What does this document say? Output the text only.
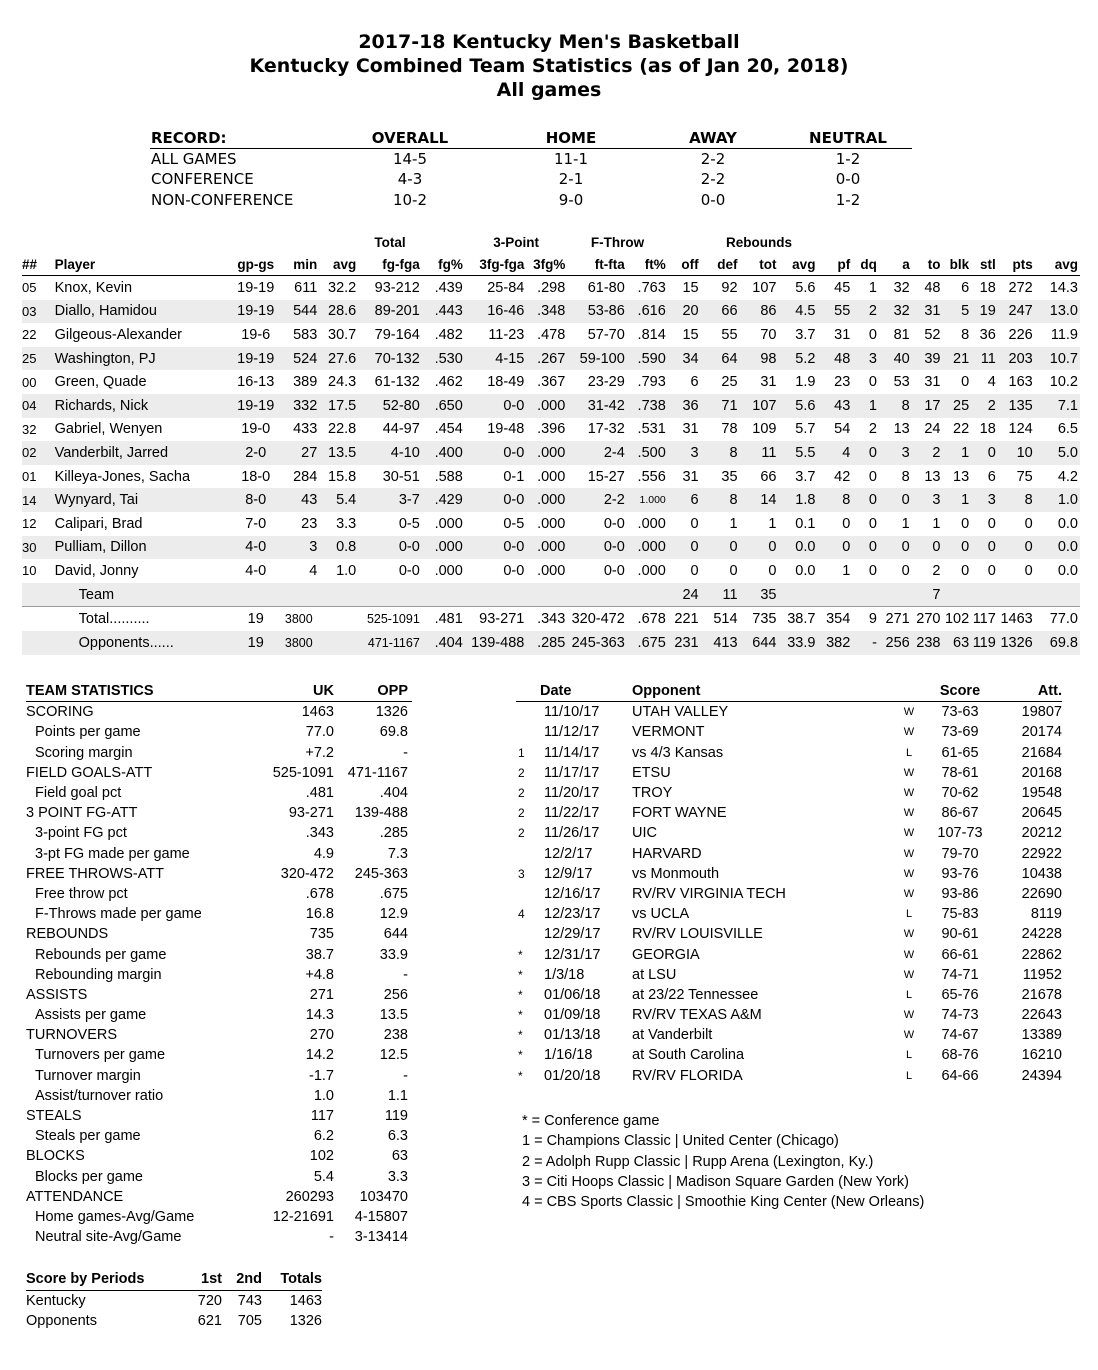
2017-18 Kentucky Men's Basketball
Kentucky Combined Team Statistics (as of Jan 20, 2018)
All games
RECORD:	OVERALL	HOME	AWAY	NEUTRAL
ALL GAMES	14-5	11-1	2-2	1-2
CONFERENCE	4-3	2-1	2-2	0-0
NON-CONFERENCE	10-2	9-0	0-0	1-2
					Total		3-Point		F-Throw			Rebounds										
##	Player	gp-gs	min	avg	fg-fga	fg%	3fg-fga	3fg%	ft-fta	ft%	off	def	tot	avg	pf	dq	a	to	blk	stl	pts	avg
05	Knox, Kevin	19-19	611	32.2	93-212	.439	25-84	.298	61-80	.763	15	92	107	5.6	45	1	32	48	6	18	272	14.3
03	Diallo, Hamidou	19-19	544	28.6	89-201	.443	16-46	.348	53-86	.616	20	66	86	4.5	55	2	32	31	5	19	247	13.0
22	Gilgeous-Alexander	19-6	583	30.7	79-164	.482	11-23	.478	57-70	.814	15	55	70	3.7	31	0	81	52	8	36	226	11.9
25	Washington, PJ	19-19	524	27.6	70-132	.530	4-15	.267	59-100	.590	34	64	98	5.2	48	3	40	39	21	11	203	10.7
00	Green, Quade	16-13	389	24.3	61-132	.462	18-49	.367	23-29	.793	6	25	31	1.9	23	0	53	31	0	4	163	10.2
04	Richards, Nick	19-19	332	17.5	52-80	.650	0-0	.000	31-42	.738	36	71	107	5.6	43	1	8	17	25	2	135	7.1
32	Gabriel, Wenyen	19-0	433	22.8	44-97	.454	19-48	.396	17-32	.531	31	78	109	5.7	54	2	13	24	22	18	124	6.5
02	Vanderbilt, Jarred	2-0	27	13.5	4-10	.400	0-0	.000	2-4	.500	3	8	11	5.5	4	0	3	2	1	0	10	5.0
01	Killeya-Jones, Sacha	18-0	284	15.8	30-51	.588	0-1	.000	15-27	.556	31	35	66	3.7	42	0	8	13	13	6	75	4.2
14	Wynyard, Tai	8-0	43	5.4	3-7	.429	0-0	.000	2-2	1.000	6	8	14	1.8	8	0	0	3	1	3	8	1.0
12	Calipari, Brad	7-0	23	3.3	0-5	.000	0-5	.000	0-0	.000	0	1	1	0.1	0	0	1	1	0	0	0	0.0
30	Pulliam, Dillon	4-0	3	0.8	0-0	.000	0-0	.000	0-0	.000	0	0	0	0.0	0	0	0	0	0	0	0	0.0
10	David, Jonny	4-0	4	1.0	0-0	.000	0-0	.000	0-0	.000	0	0	0	0.0	1	0	0	2	0	0	0	0.0
	Team										24	11	35					7				
	Total..........	19	3800		525-1091	.481	93-271	.343	320-472	.678	221	514	735	38.7	354	9	271	270	102	117	1463	77.0
	Opponents......	19	3800		471-1167	.404	139-488	.285	245-363	.675	231	413	644	33.9	382	-	256	238	63	119	1326	69.8
TEAM STATISTICS	UK	OPP
SCORING	1463	1326
Points per game	77.0	69.8
Scoring margin	+7.2	-
FIELD GOALS-ATT	525-1091	471-1167
Field goal pct	.481	.404
3 POINT FG-ATT	93-271	139-488
3-point FG pct	.343	.285
3-pt FG made per game	4.9	7.3
FREE THROWS-ATT	320-472	245-363
Free throw pct	.678	.675
F-Throws made per game	16.8	12.9
REBOUNDS	735	644
Rebounds per game	38.7	33.9
Rebounding margin	+4.8	-
ASSISTS	271	256
Assists per game	14.3	13.5
TURNOVERS	270	238
Turnovers per game	14.2	12.5
Turnover margin	-1.7	-
Assist/turnover ratio	1.0	1.1
STEALS	117	119
Steals per game	6.2	6.3
BLOCKS	102	63
Blocks per game	5.4	3.3
ATTENDANCE	260293	103470
Home games-Avg/Game	12-21691	4-15807
Neutral site-Avg/Game	-	3-13414
	Date	Opponent		Score	Att.
	11/10/17	UTAH VALLEY	W	73-63	19807
	11/12/17	VERMONT	W	73-69	20174
1	11/14/17	vs 4/3 Kansas	L	61-65	21684
2	11/17/17	ETSU	W	78-61	20168
2	11/20/17	TROY	W	70-62	19548
2	11/22/17	FORT WAYNE	W	86-67	20645
2	11/26/17	UIC	W	107-73	20212
	12/2/17	HARVARD	W	79-70	22922
3	12/9/17	vs Monmouth	W	93-76	10438
	12/16/17	RV/RV VIRGINIA TECH	W	93-86	22690
4	12/23/17	vs UCLA	L	75-83	8119
	12/29/17	RV/RV LOUISVILLE	W	90-61	24228
*	12/31/17	GEORGIA	W	66-61	22862
*	1/3/18	at LSU	W	74-71	11952
*	01/06/18	at 23/22 Tennessee	L	65-76	21678
*	01/09/18	RV/RV TEXAS A&M	W	74-73	22643
*	01/13/18	at Vanderbilt	W	74-67	13389
*	1/16/18	at South Carolina	L	68-76	16210
*	01/20/18	RV/RV FLORIDA	L	64-66	24394
* = Conference game
1 = Champions Classic | United Center (Chicago)
2 = Adolph Rupp Classic | Rupp Arena (Lexington, Ky.)
3 = Citi Hoops Classic | Madison Square Garden (New York)
4 = CBS Sports Classic | Smoothie King Center (New Orleans)
Score by Periods	1st	2nd	Totals
Kentucky	720	743	1463
Opponents	621	705	1326
